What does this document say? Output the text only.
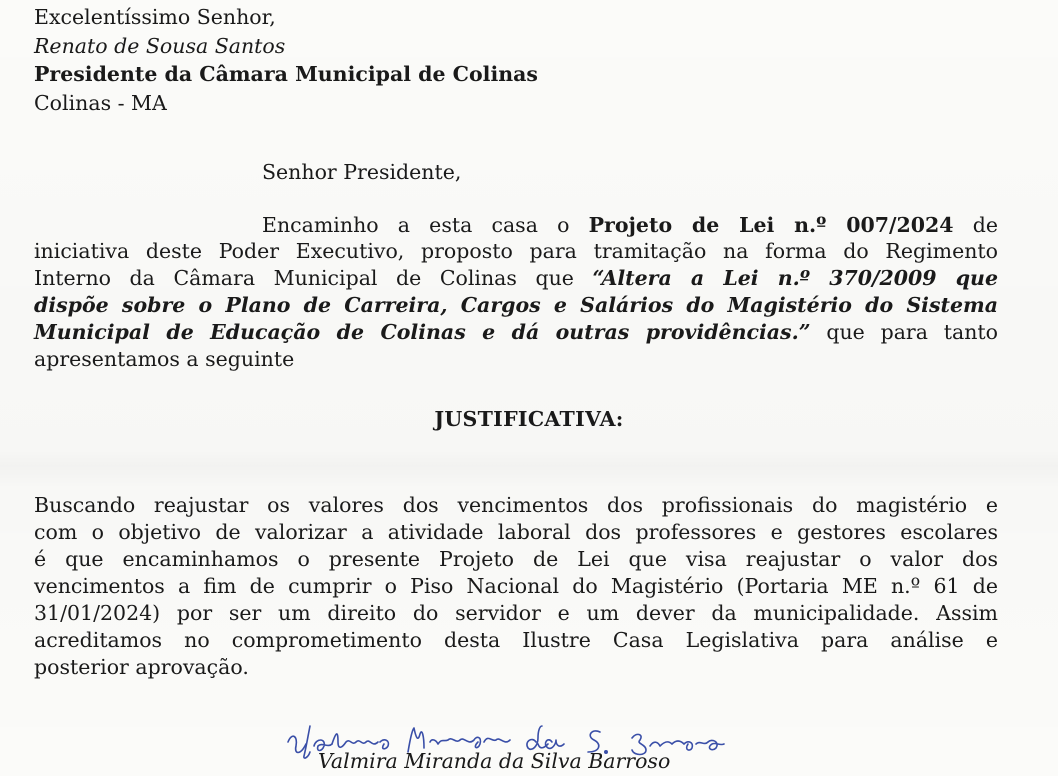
Excelentíssimo Senhor,
Renato de Sousa Santos
Presidente da Câmara Municipal de Colinas
Colinas - MA
Senhor Presidente,
Encaminho a esta casa o Projeto de Lei n.º 007/2024 de
iniciativa deste Poder Executivo, proposto para tramitação na forma do Regimento
Interno da Câmara Municipal de Colinas que “Altera a Lei n.º 370/2009 que
dispõe sobre o Plano de Carreira, Cargos e Salários do Magistério do Sistema
Municipal de Educação de Colinas e dá outras providências.” que para tanto
apresentamos a seguinte
JUSTIFICATIVA:
Buscando reajustar os valores dos vencimentos dos profissionais do magistério e
com o objetivo de valorizar a atividade laboral dos professores e gestores escolares
é que encaminhamos o presente Projeto de Lei que visa reajustar o valor dos
vencimentos a fim de cumprir o Piso Nacional do Magistério (Portaria ME n.º 61 de
31/01/2024) por ser um direito do servidor e um dever da municipalidade. Assim
acreditamos no comprometimento desta Ilustre Casa Legislativa para análise e
posterior aprovação.
Valmira Miranda da Silva Barroso
